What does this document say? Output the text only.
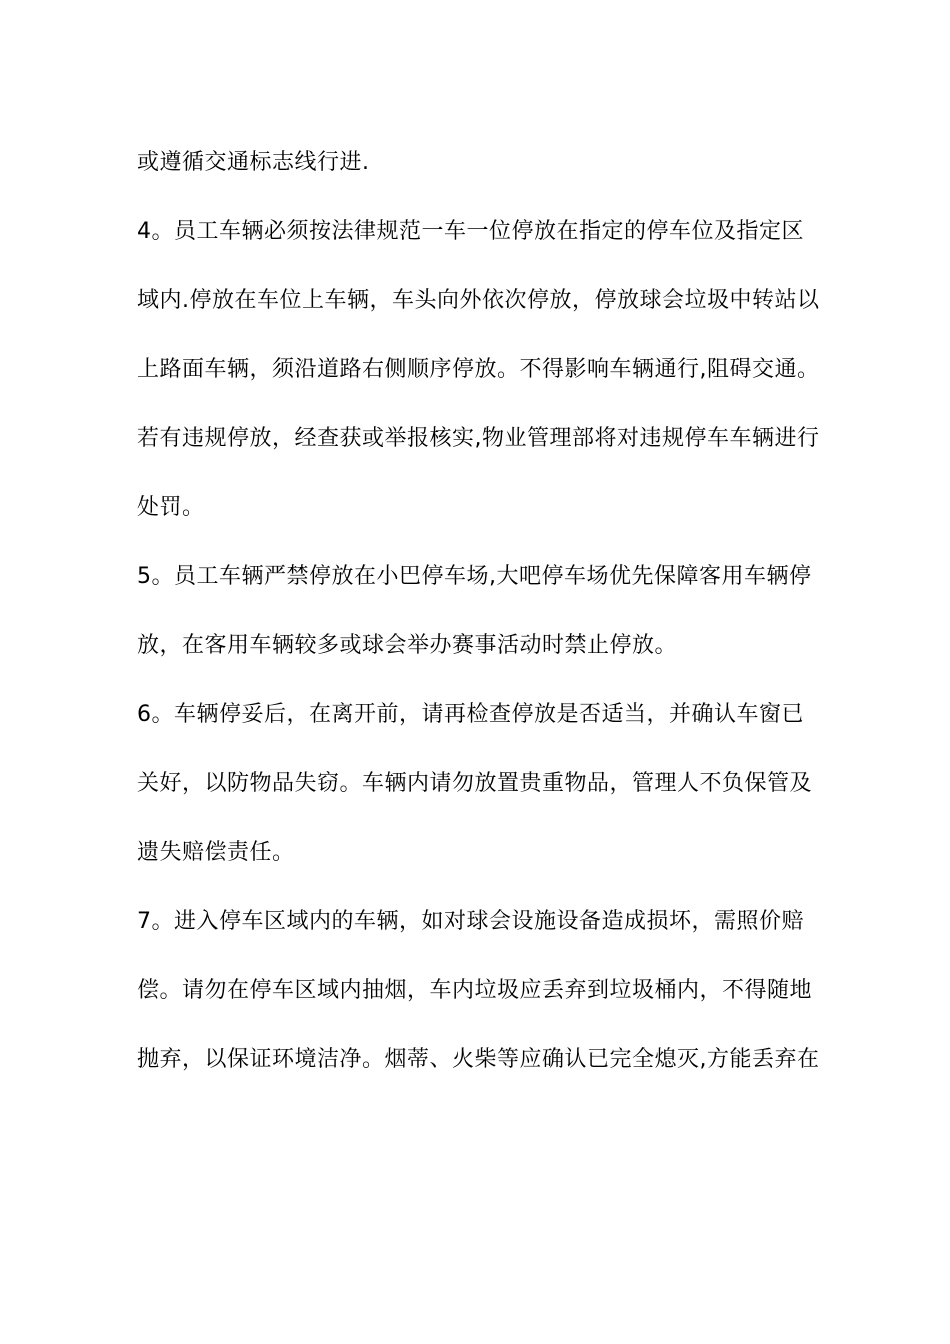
或遵循交通标志线行进.
4。员工车辆必须按法律规范一车一位停放在指定的停车位及指定区
域内.停放在车位上车辆，车头向外依次停放，停放球会垃圾中转站以
上路面车辆，须沿道路右侧顺序停放。不得影响车辆通行,阻碍交通。
若有违规停放，经查获或举报核实,物业管理部将对违规停车车辆进行
处罚。
5。员工车辆严禁停放在小巴停车场,大吧停车场优先保障客用车辆停
放，在客用车辆较多或球会举办赛事活动时禁止停放。
6。车辆停妥后，在离开前，请再检查停放是否适当，并确认车窗已
关好，以防物品失窃。车辆内请勿放置贵重物品，管理人不负保管及
遗失赔偿责任。
7。进入停车区域内的车辆，如对球会设施设备造成损坏，需照价赔
偿。请勿在停车区域内抽烟，车内垃圾应丢弃到垃圾桶内，不得随地
抛弃，以保证环境洁净。烟蒂、火柴等应确认已完全熄灭,方能丢弃在
